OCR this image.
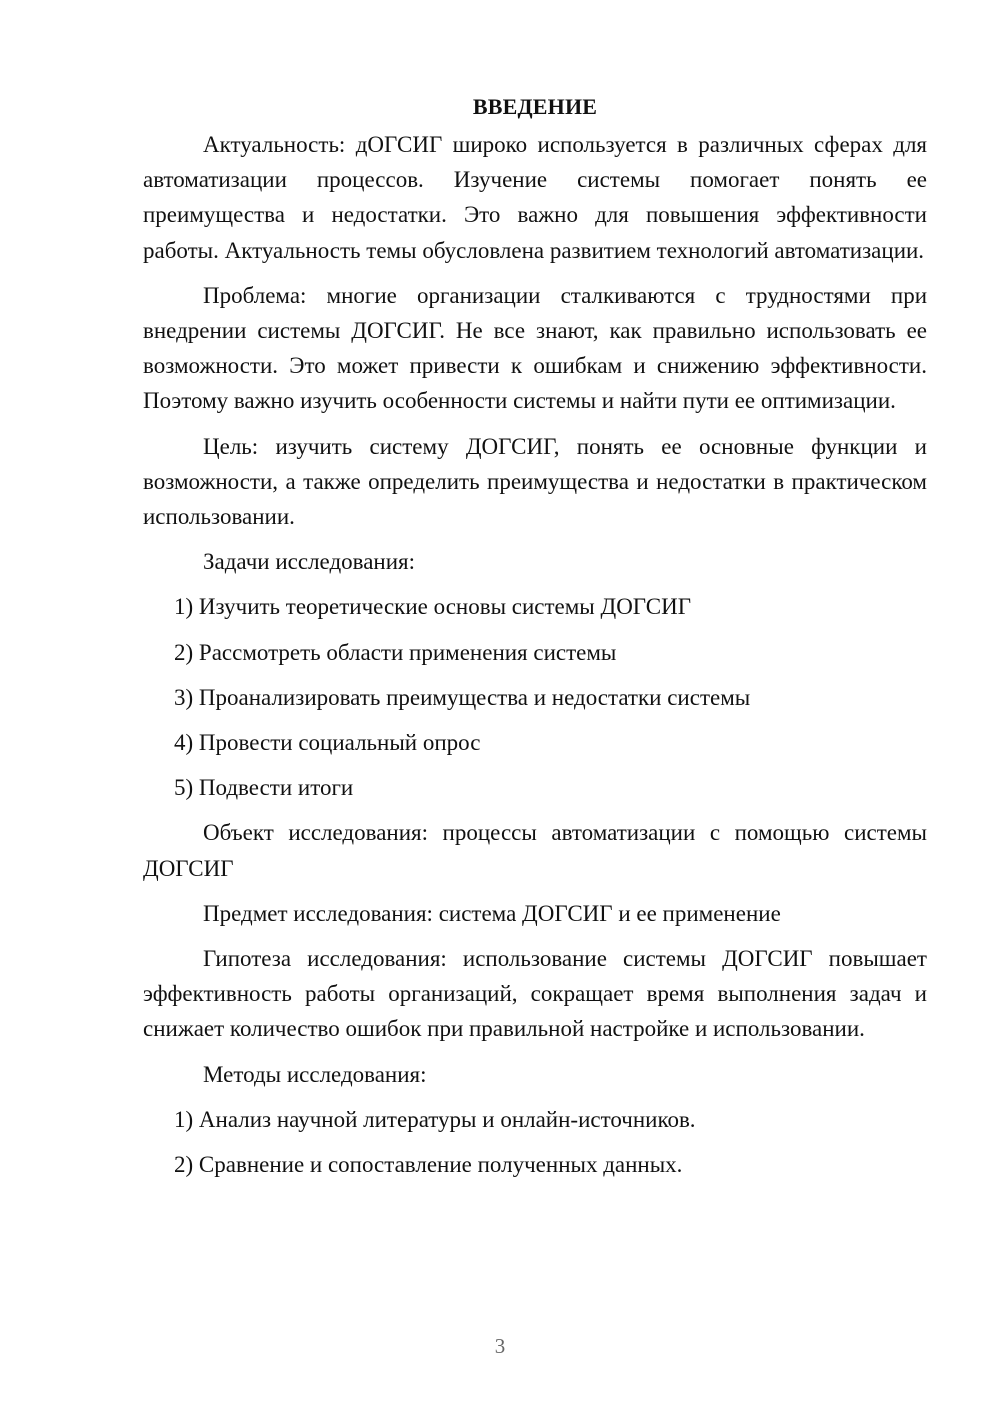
ВВЕДЕНИЕ

Актуальность: дОГСИГ широко используется в различных сферах для автоматизации процессов. Изучение системы помогает понять ее преимущества и недостатки. Это важно для повышения эффективности работы. Актуальность темы обусловлена развитием технологий автоматизации.

Проблема: многие организации сталкиваются с трудностями при внедрении системы ДОГСИГ. Не все знают, как правильно использовать ее возможности. Это может привести к ошибкам и снижению эффективности. Поэтому важно изучить особенности системы и найти пути ее оптимизации.

Цель: изучить систему ДОГСИГ, понять ее основные функции и возможности, а также определить преимущества и недостатки в практическом использовании.

Задачи исследования:

1) Изучить теоретические основы системы ДОГСИГ
2) Рассмотреть области применения системы
3) Проанализировать преимущества и недостатки системы
4) Провести социальный опрос
5) Подвести итоги

Объект исследования: процессы автоматизации с помощью системы ДОГСИГ

Предмет исследования: система ДОГСИГ и ее применение

Гипотеза исследования: использование системы ДОГСИГ повышает эффективность работы организаций, сокращает время выполнения задач и снижает количество ошибок при правильной настройке и использовании.

Методы исследования:

1) Анализ научной литературы и онлайн-источников.
2) Сравнение и сопоставление полученных данных.
3
